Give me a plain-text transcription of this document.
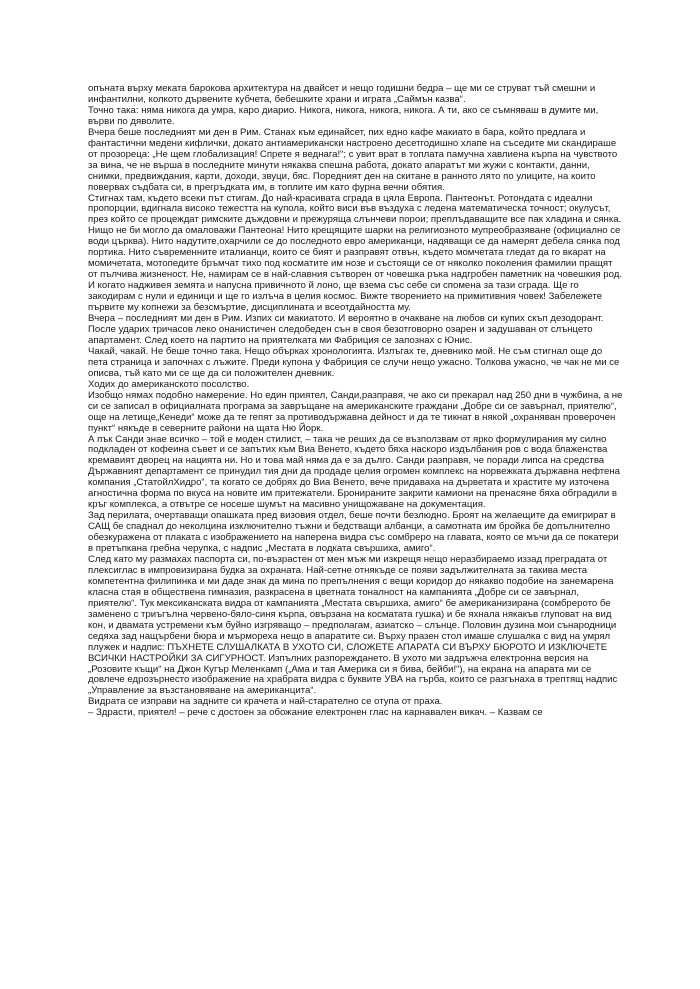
опъната върху меката барокова архитектура на двайсет и нещо годишни бедра – ще ми се струват тъй смешни и инфантилни, колкото дървените кубчета, бебешките храни и играта „Саймън казва“.

Точно така: няма никога да умра, каро диарио. Никога, никога, никога, никога. А ти, ако се съмняваш в думите ми, върви по дяволите.

Вчера беше последният ми ден в Рим. Станах към единайсет, пих едно кафе макиато в бара, който предлага и фантастични медени кифлички, докато антиамерикански настроено десетгодишно хлапе на съседите ми скандираше от прозореца: „Не щем глобализация! Спрете я веднага!“; с увит врат в топлата памучна хавлиена кърпа на чувството за вина, че не върша в последните минути някаква спешна работа, докато апаратът ми жужи с контакти, данни, снимки, предвиждания, карти, доходи, звуци, бяс. Поредният ден на скитане в ранното лято по улиците, на които повервах съдбата си, в прегръдката им, в топлите им като фурна вечни обятия.

Стигнах там, където всеки път стигам. До най-красивата сграда в цяла Европа. Пантеонът. Ротондата с идеални пропорции, вдигнала високо тежестта на купола, който виси във въздуха с ледена математическа точност; окулусът, през който се процеждат римските дъждовни и прежуряща слънчеви порои; преплъдаващите все пак хладина и сянка. Нищо не би могло да омаловажи Пантеона! Нито крещящите шарки на религиозното мупреобразяване (официално се води църква). Нито надутите,охарчили се до последното евро американци, надяващи се да намерят дебела сянка под портика. Нито съвременните италианци, които се бият и разправят отвън, където момчетата гледат да го вкарат на момичетата, мотопедите бръмчат тихо под косматите им нозе и състоящи се от няколко поколения фамилии пращят от пълчива жизненост. Не, намирам се в най-славния сътворен от човешка ръка надгробен паметник на човешкия род. И когато надживея земята и напусна привичното й лоно, ще взема със себе си спомена за тази сграда. Ще го закодирам с нули и единици и ще го излъча в целия космос. Вижте творението на примитивния човек! Забележете първите му копнежи за безсмъртие, дисциплината и всеотдайността му.

Вчера – последният ми ден в Рим. Изпих си макиатото. И вероятно в очакване на любов си купих скъп дезодорант. После ударих тричасов леко онанистичен следобеден сън в своя безотговорно озарен и задушаван от слънцето апартамент. След което на партито на приятелката ми Фабриция се запознах с Юнис.

Чакай, чакай. Не беше точно така. Нещо объркax хронологията. Излъгах те, дневнико мой. Не съм стигнал още до пета страница и започнах с лъжите. Преди купона у Фабриция се случи нещо ужасно. Толкова ужасно, че чак не ми се описва, тъй като ми се ще да си положителен дневник.

Ходих до американското посолство.

Изобщо нямах подобно намерение. Но един приятел, Санди,разправя, че ако си прекарал над 250 дни в чужбина, а не си се записал в официалната програма за завръщане на американските граждани „Добре си се завърнал, приятелю“, още на летище„Кенеди“ може да те гепят за противодържавна дейност и да те тикнат в някой „охраняван проверочен пункт“ някъде в северните райони на щата Ню Йорк.

А пък Санди знае всичко – той е моден стилист, – така че реших да се възползвам от ярко формулирания му силно подкладен от кофеина съвет и се запътих към Виа Венето, където бяха наскоро издълбания ров с вода блаженства кремавият дворец на нацията ни. Но и това май няма да е за дълго. Санди разправя, че поради липса на средства Държавният департамент се принудил тия дни да продаде целия огромен комплекс на норвежката държавна нефтена компания „СтатойлХидро“, та когато се добрях до Виа Венето, вече придаваха на дърветата и храстите му източена агностична форма по вкуса на новите им притежатели. Бронираните закрити камиони на пренасяне бяха обградили в кръг комплекса, а отвътре се носеше шумът на масивно унищожаване на документация.

Зад перилата, очертаващи опашката пред визовия отдел, беше почти безлюдно. Броят на желаещите да емигрират в САЩ бе спаднал до неколцина изключително тъжни и бедстващи албанци, а самотната им бройка бе допълнително обезкуражена от плаката с изображението на наперена видра със сомбреро на главата, която се мъчи да се покатери в претъпкана гребна черупка, с надпис „Местата в лодката свършиха, амиго“.

След като му размахах паспорта си, по-възрастен от мен мъж ми изкрещя нещо неразбираемо иззад преградата от плексиглас в импровизирана будка за охраната. Най-сетне отнякъде се появи задължителната за такива места компетентна филипинка и ми даде знак да мина по препълнения с вещи коридор до някакво подобие на занемарена класна стая в обществена гимназия, разкрасена в цветната тоналност на кампанията „Добре си се завърнал, приятелю“. Тук мексиканската видра от кампанията „Местата свършиха, амиго“ бе американизирана (сомбрерото бе заменено с триъгълна червено-бяло-синя кърпа, овързана на косматата гушка) и бе яхнала някакъв глуповат на вид кон, и двамата устремени към буйно изгряващо – предполагам, азиатско – слънце. Половин дузина мои сънародници седяха зад нащърбени бюра и мърмореха нещо в апаратите си. Върху празен стол имаше слушалка с вид на умрял плужек и надпис: ПЪХНЕТЕ СЛУШАЛКАТА В УХОТО СИ, СЛОЖЕТЕ АПАРАТА СИ ВЪРХУ БЮРОТО И ИЗКЛЮЧЕТЕ ВСИЧКИ НАСТРОЙКИ ЗА СИГУРНОСТ. Изпълних разпорежданeто. В ухото ми задръжча електронна версия на „Розовите къщи“ на Джон Кугър Меленкамп („Ама и тая Америка си я бива, бейби!“), на екрана на апарата ми се довлече едрозърнесто изображение на храбрата видра с буквите УВА на гърба, които се разгънаха в трептящ надпис „Управление за възстановяване на американцита“.

Видрата се изправи на задните си крачета и най-старателно се отупа от праха.

– Здрасти, приятел! – рече с достоен за обожание електронен глас на карнавален викач. – Казвам се
